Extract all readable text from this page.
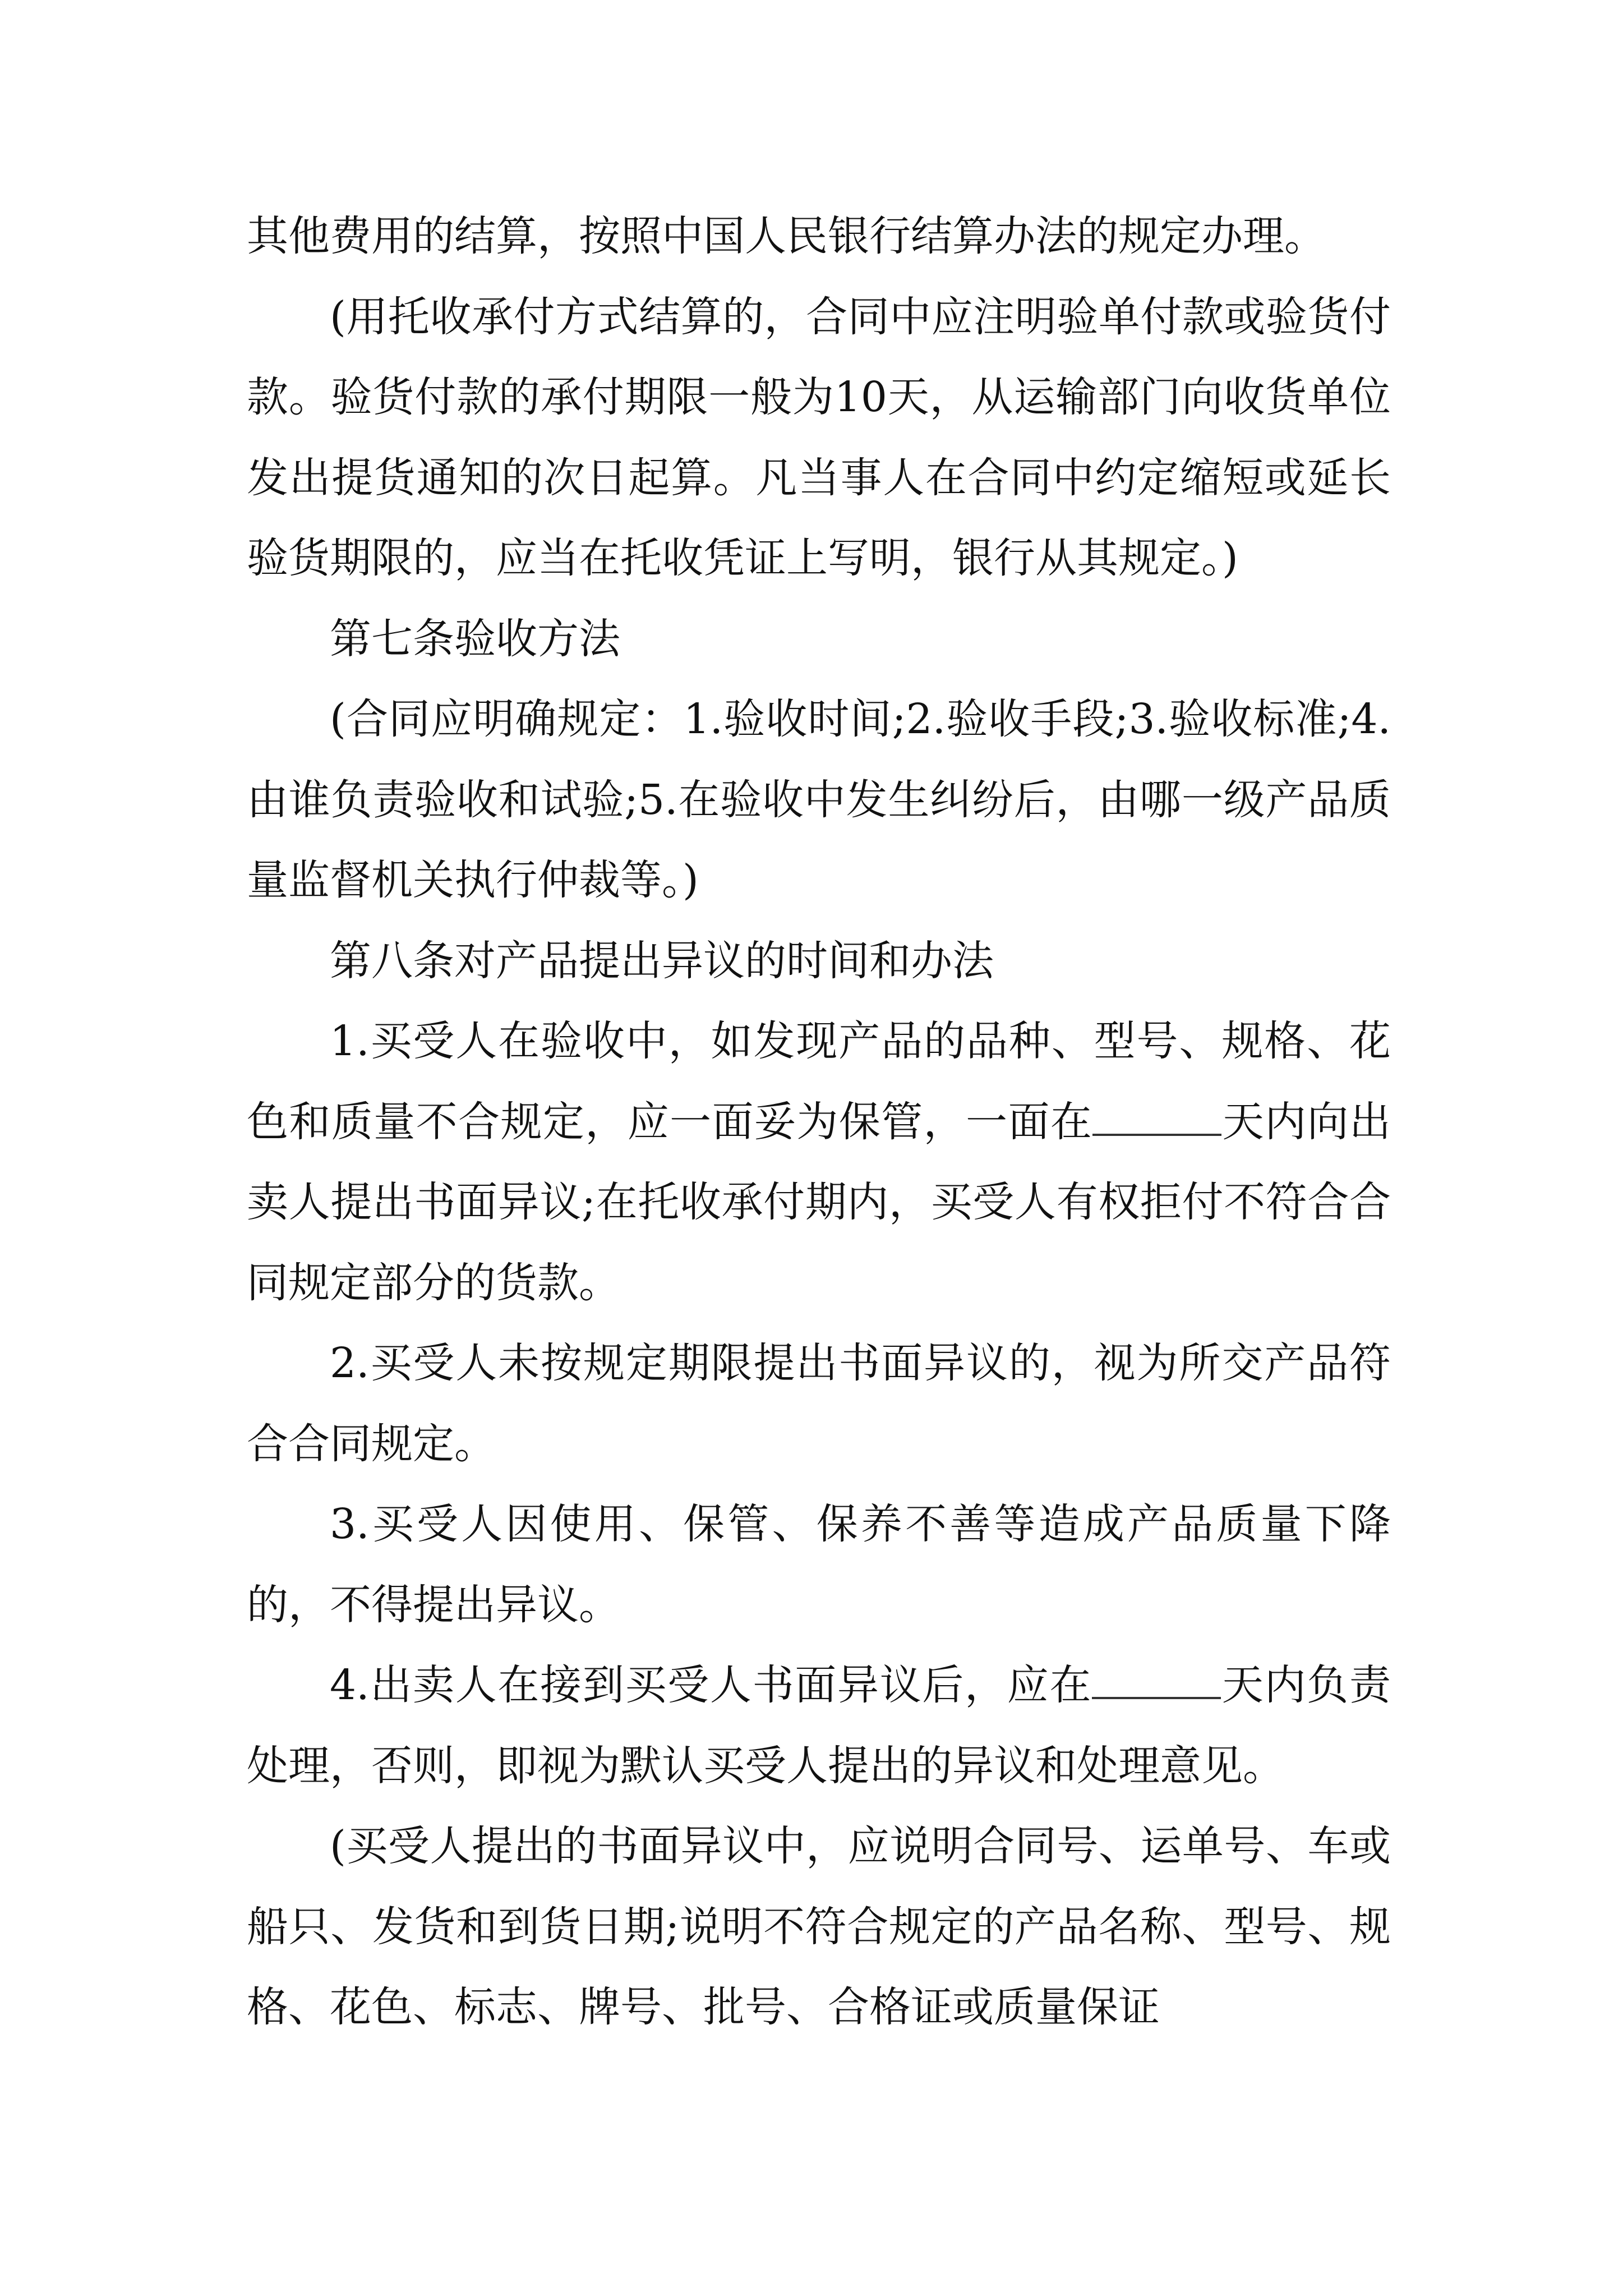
其他费用的结算，按照中国人民银行结算办法的规定办理。

(用托收承付方式结算的，合同中应注明验单付款或验货付款。验货付款的承付期限一般为10天，从运输部门向收货单位发出提货通知的次日起算。凡当事人在合同中约定缩短或延长验货期限的，应当在托收凭证上写明，银行从其规定。)

第七条验收方法

(合同应明确规定：1.验收时间;2.验收手段;3.验收标准;4.由谁负责验收和试验;5.在验收中发生纠纷后，由哪一级产品质量监督机关执行仲裁等。)

第八条对产品提出异议的时间和办法

1.买受人在验收中，如发现产品的品种、型号、规格、花色和质量不合规定，应一面妥为保管，一面在	天内向出卖人提出书面异议;在托收承付期内，买受人有权拒付不符合合同规定部分的货款。

2.买受人未按规定期限提出书面异议的，视为所交产品符合合同规定。

3.买受人因使用、保管、保养不善等造成产品质量下降的，不得提出异议。

4.出卖人在接到买受人书面异议后，应在	天内负责处理，否则，即视为默认买受人提出的异议和处理意见。

(买受人提出的书面异议中，应说明合同号、运单号、车或船只、发货和到货日期;说明不符合规定的产品名称、型号、规格、花色、标志、牌号、批号、合格证或质量保证
